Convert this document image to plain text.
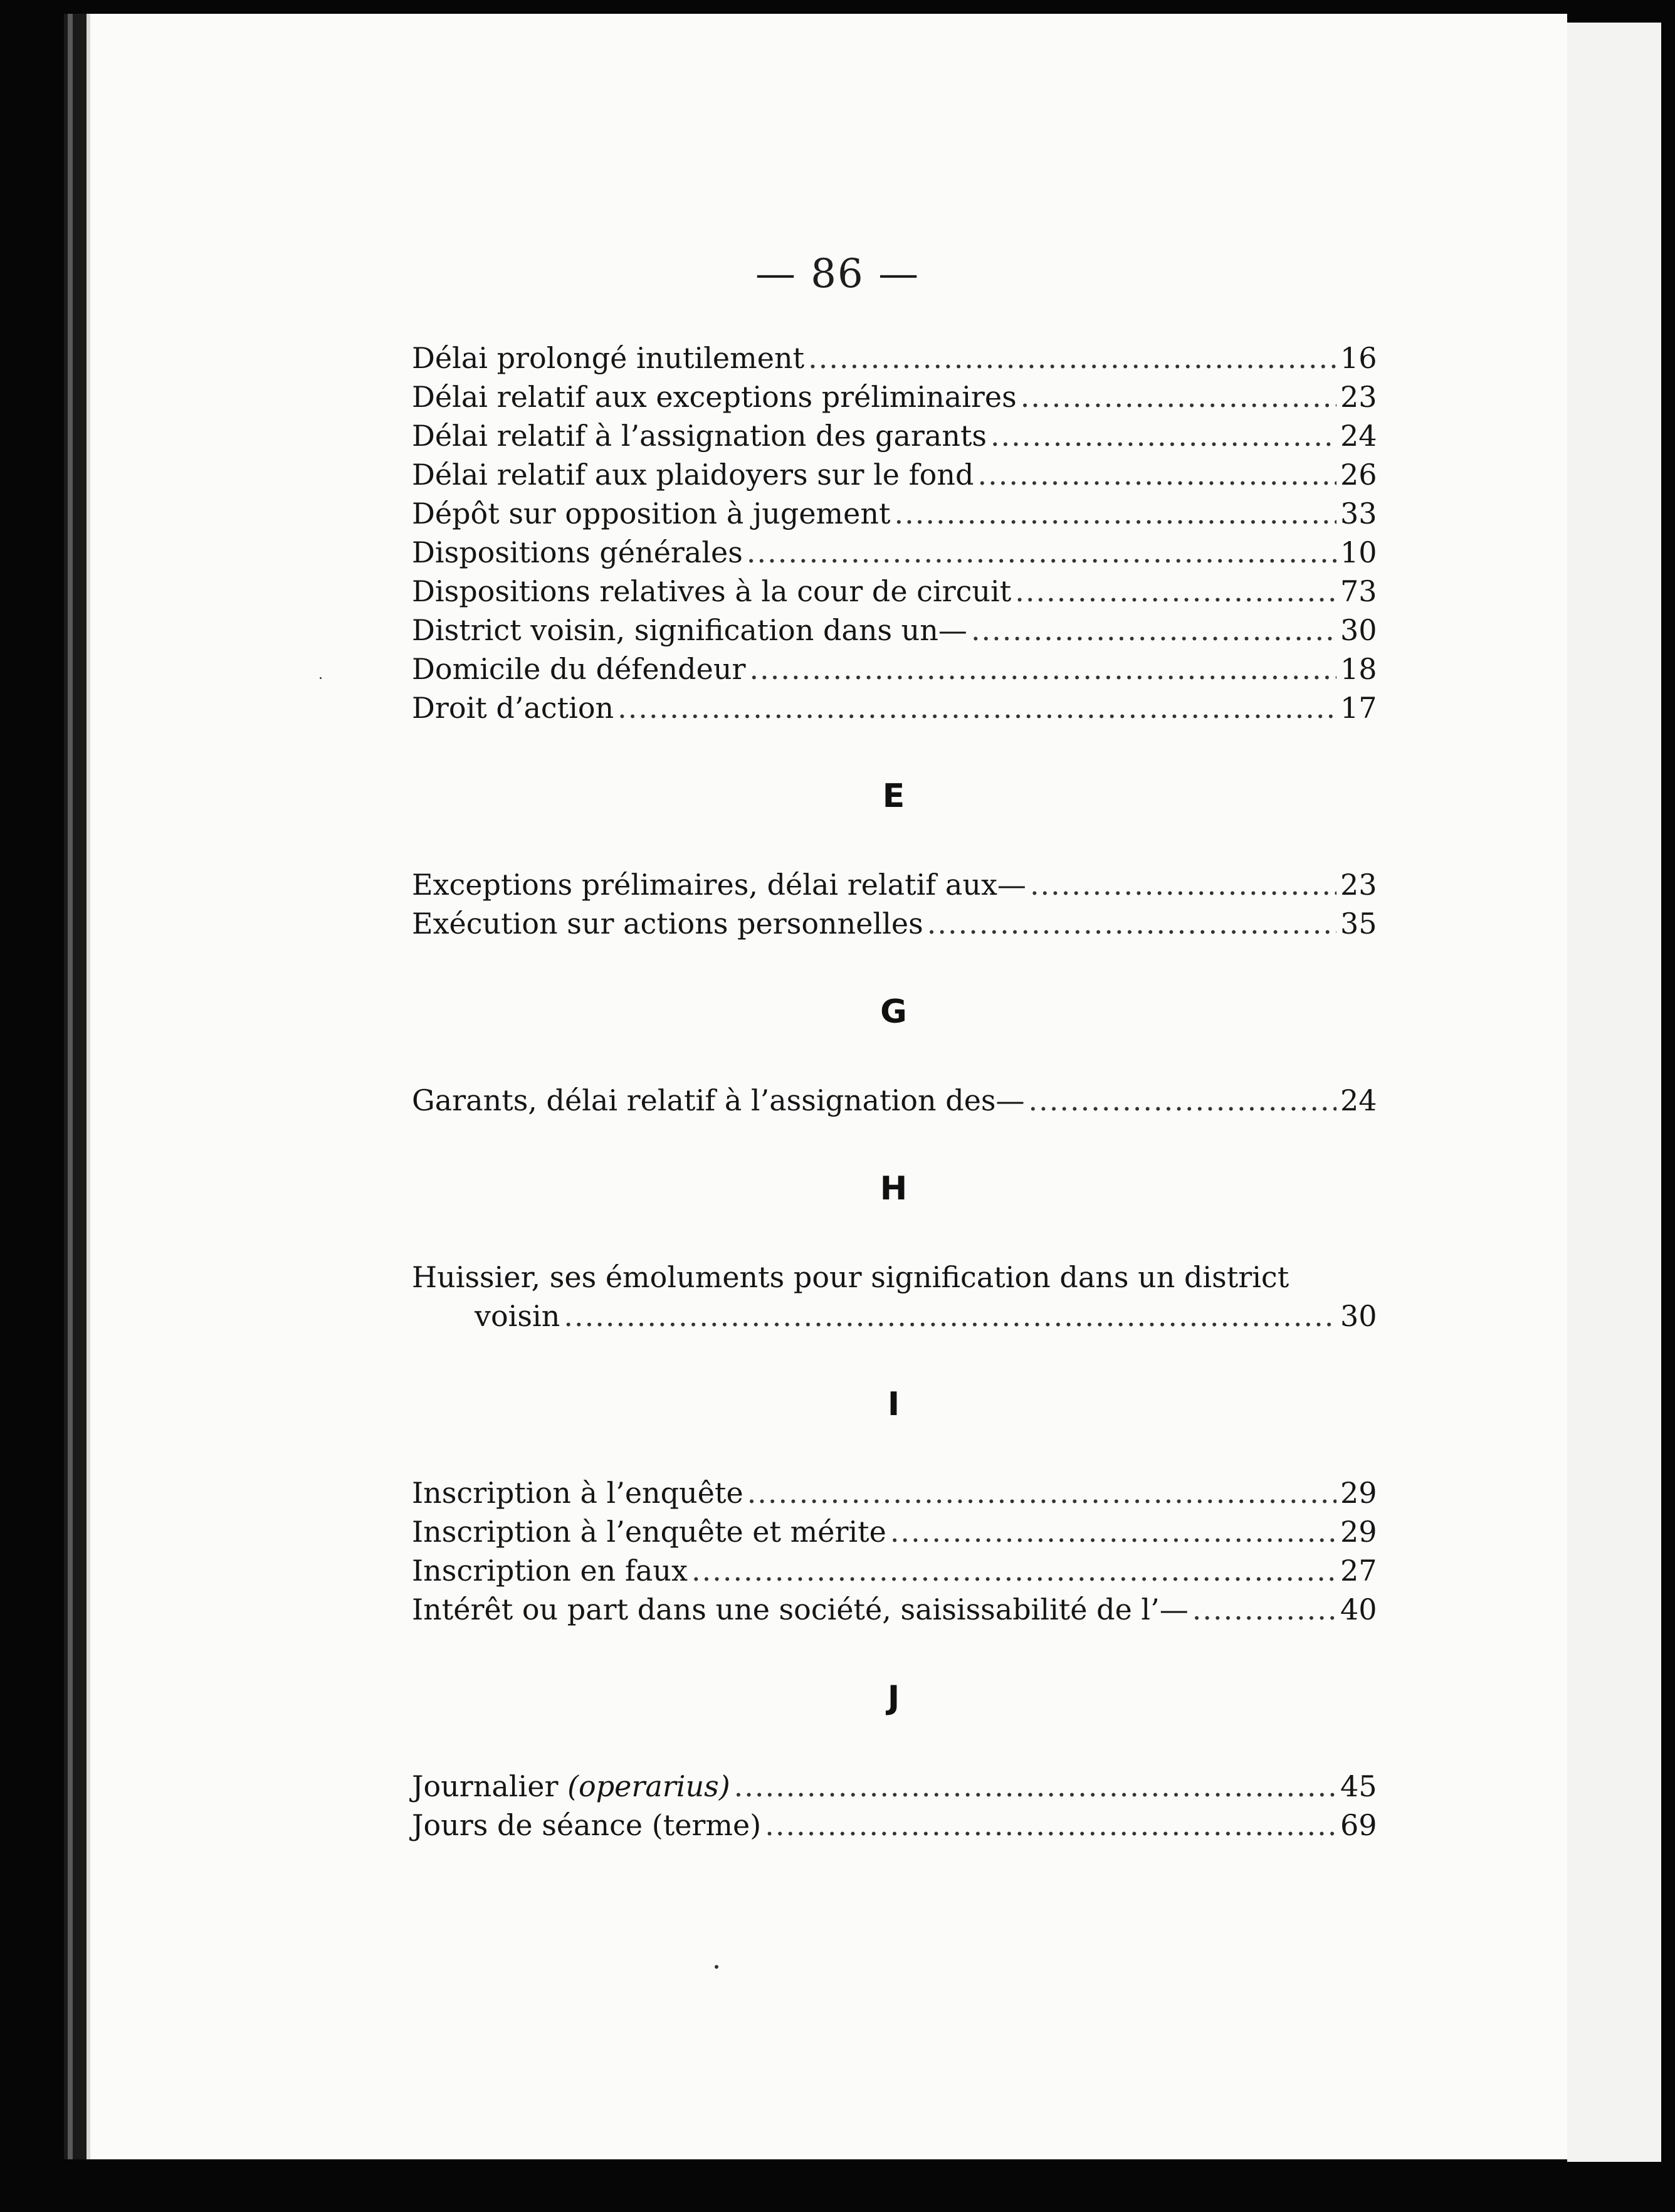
— 86 —
Délai prolongé inutilement .....	16
Délai relatif aux exceptions préliminaires .....	23
Délai relatif à l’assignation des garants .....	24
Délai relatif aux plaidoyers sur le fond .....	26
Dépôt sur opposition à jugement .....	33
Dispositions générales .....	10
Dispositions relatives à la cour de circuit .....	73
District voisin, signification dans un— .....	30
Domicile du défendeur .....	18
Droit d’action .....	17
E
Exceptions prélimaires, délai relatif aux— .....	23
Exécution sur actions personnelles .....	35
G
Garants, délai relatif à l’assignation des— .....	24
H
Huissier, ses émoluments pour signification dans un district
voisin .....	30
I
Inscription à l’enquête .....	29
Inscription à l’enquête et mérite .....	29
Inscription en faux .....	27
Intérêt ou part dans une société, saisissabilité de l’— .....	40
J
Journalier (operarius) .....	45
Jours de séance (terme) .....	69
